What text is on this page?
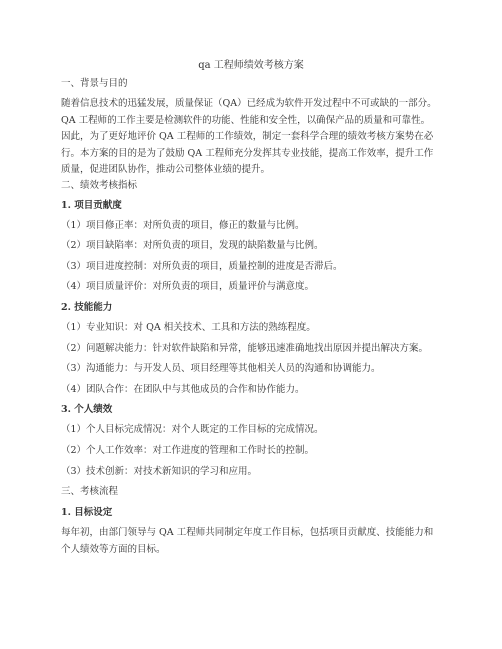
qa 工程师绩效考核方案
一、背景与目的
随着信息技术的迅猛发展，质量保证（QA）已经成为软件开发过程中不可或缺的一部分。
QA 工程师的工作主要是检测软件的功能、性能和安全性，以确保产品的质量和可靠性。
因此，为了更好地评价 QA 工程师的工作绩效，制定一套科学合理的绩效考核方案势在必
行。本方案的目的是为了鼓励 QA 工程师充分发挥其专业技能，提高工作效率，提升工作
质量，促进团队协作，推动公司整体业绩的提升。
二、绩效考核指标
1. 项目贡献度
（1）项目修正率：对所负责的项目，修正的数量与比例。
（2）项目缺陷率：对所负责的项目，发现的缺陷数量与比例。
（3）项目进度控制：对所负责的项目，质量控制的进度是否滞后。
（4）项目质量评价：对所负责的项目，质量评价与满意度。
2. 技能能力
（1）专业知识：对 QA 相关技术、工具和方法的熟练程度。
（2）问题解决能力：针对软件缺陷和异常，能够迅速准确地找出原因并提出解决方案。
（3）沟通能力：与开发人员、项目经理等其他相关人员的沟通和协调能力。
（4）团队合作：在团队中与其他成员的合作和协作能力。
3. 个人绩效
（1）个人目标完成情况：对个人既定的工作目标的完成情况。
（2）个人工作效率：对工作进度的管理和工作时长的控制。
（3）技术创新：对技术新知识的学习和应用。
三、考核流程
1. 目标设定
每年初，由部门领导与 QA 工程师共同制定年度工作目标，包括项目贡献度、技能能力和
个人绩效等方面的目标。
